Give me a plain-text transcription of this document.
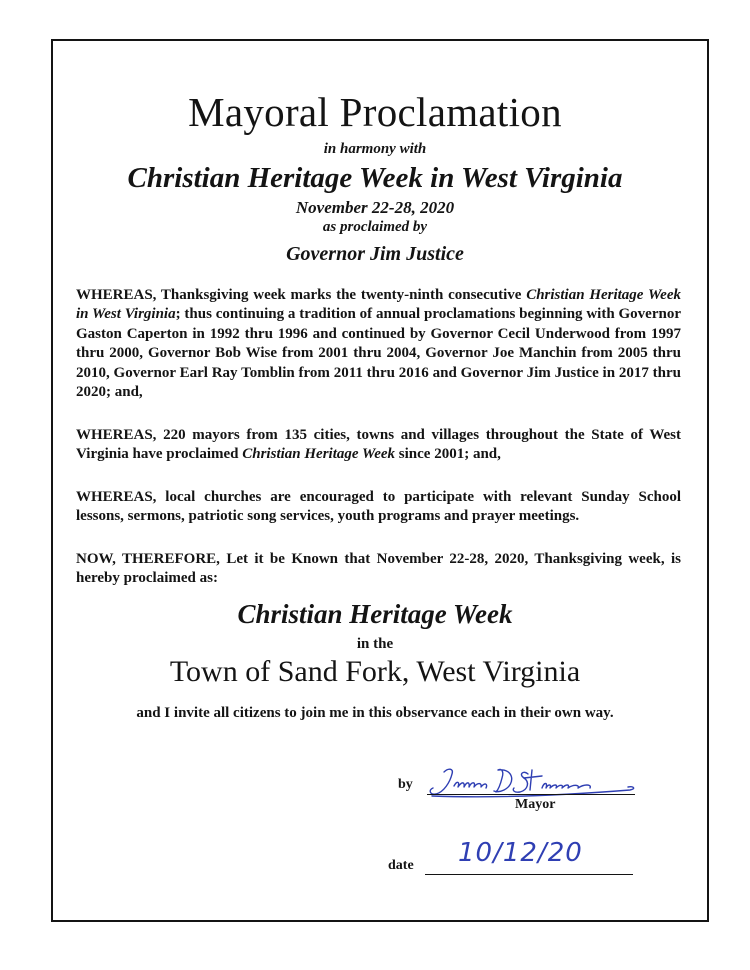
Mayoral Proclamation
in harmony with
Christian Heritage Week in West Virginia
November 22-28, 2020
as proclaimed by
Governor Jim Justice

WHEREAS, Thanksgiving week marks the twenty-ninth consecutive Christian Heritage Week in West Virginia; thus continuing a tradition of annual proclamations beginning with Governor Gaston Caperton in 1992 thru 1996 and continued by Governor Cecil Underwood from 1997 thru 2000, Governor Bob Wise from 2001 thru 2004, Governor Joe Manchin from 2005 thru 2010, Governor Earl Ray Tomblin from 2011 thru 2016 and Governor Jim Justice in 2017 thru 2020; and,

WHEREAS, 220 mayors from 135 cities, towns and villages throughout the State of West Virginia have proclaimed Christian Heritage Week since 2001; and,

WHEREAS, local churches are encouraged to participate with relevant Sunday School lessons, sermons, patriotic song services, youth programs and prayer meetings.

NOW, THEREFORE, Let it be Known that November 22-28, 2020, Thanksgiving week, is hereby proclaimed as:

Christian Heritage Week
in the
Town of Sand Fork, West Virginia
and I invite all citizens to join me in this observance each in their own way.
by
Mayor
date 10/12/20
